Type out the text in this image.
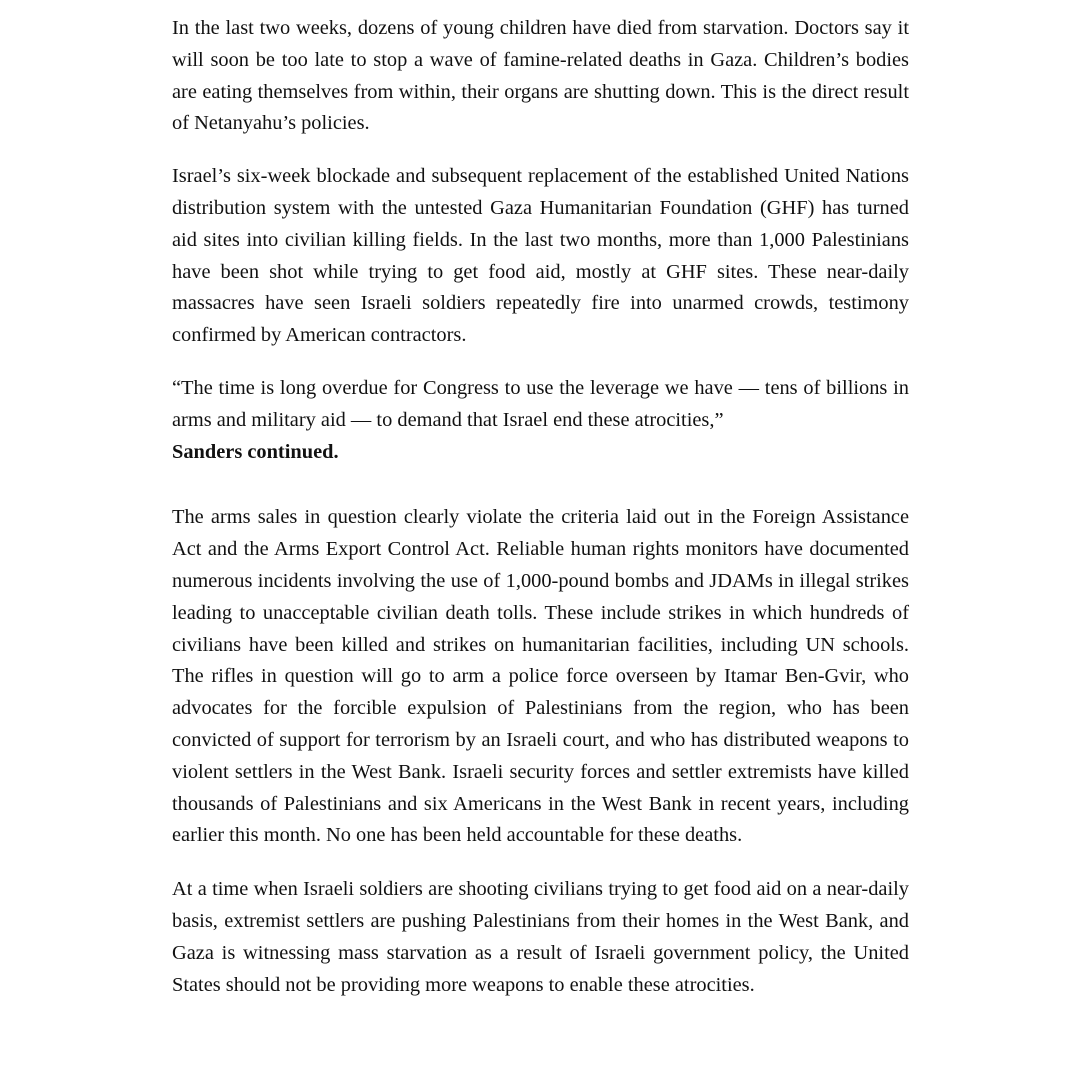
In the last two weeks, dozens of young children have died from starvation. Doctors say it will soon be too late to stop a wave of famine-related deaths in Gaza. Children’s bodies are eating themselves from within, their organs are shutting down. This is the direct result of Netanyahu’s policies.

Israel’s six-week blockade and subsequent replacement of the established United Nations distribution system with the untested Gaza Humanitarian Foundation (GHF) has turned aid sites into civilian killing fields. In the last two months, more than 1,000 Palestinians have been shot while trying to get food aid, mostly at GHF sites. These near-daily massacres have seen Israeli soldiers repeatedly fire into unarmed crowds, testimony confirmed by American contractors.

“The time is long overdue for Congress to use the leverage we have — tens of billions in arms and military aid — to demand that Israel end these atrocities,”

Sanders continued.

The arms sales in question clearly violate the criteria laid out in the Foreign Assistance Act and the Arms Export Control Act. Reliable human rights monitors have documented numerous incidents involving the use of 1,000-pound bombs and JDAMs in illegal strikes leading to unacceptable civilian death tolls. These include strikes in which hundreds of civilians have been killed and strikes on humanitarian facilities, including UN schools. The rifles in question will go to arm a police force overseen by Itamar Ben-Gvir, who advocates for the forcible expulsion of Palestinians from the region, who has been convicted of support for terrorism by an Israeli court, and who has distributed weapons to violent settlers in the West Bank. Israeli security forces and settler extremists have killed thousands of Palestinians and six Americans in the West Bank in recent years, including earlier this month. No one has been held accountable for these deaths.

At a time when Israeli soldiers are shooting civilians trying to get food aid on a near-daily basis, extremist settlers are pushing Palestinians from their homes in the West Bank, and Gaza is witnessing mass starvation as a result of Israeli government policy, the United States should not be providing more weapons to enable these atrocities.
